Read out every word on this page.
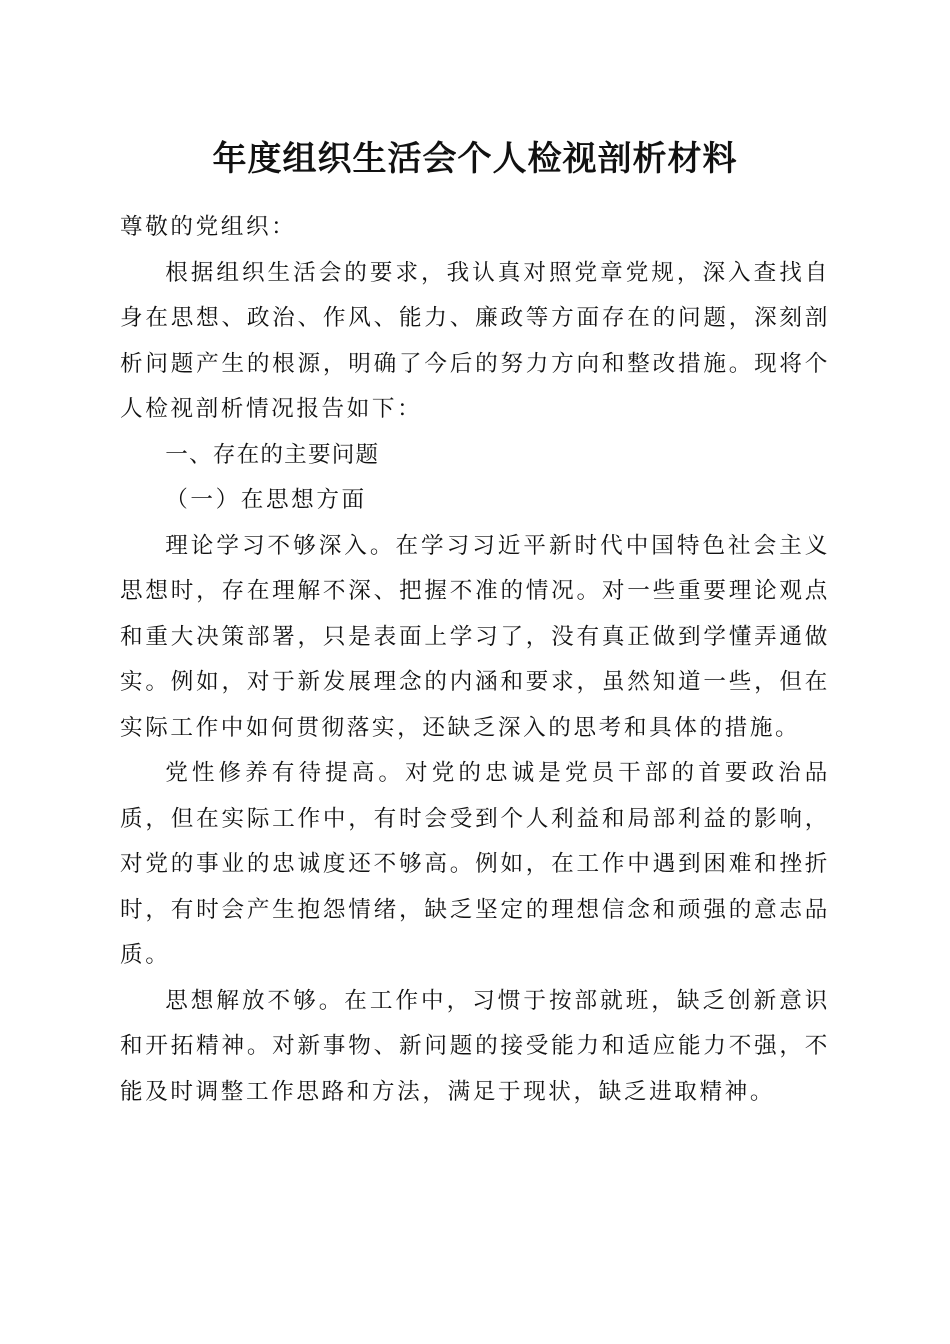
年度组织生活会个人检视剖析材料

尊敬的党组织：

根据组织生活会的要求，我认真对照党章党规，深入查找自身在思想、政治、作风、能力、廉政等方面存在的问题，深刻剖析问题产生的根源，明确了今后的努力方向和整改措施。现将个人检视剖析情况报告如下：

一、存在的主要问题

（一）在思想方面

理论学习不够深入。在学习习近平新时代中国特色社会主义思想时，存在理解不深、把握不准的情况。对一些重要理论观点和重大决策部署，只是表面上学习了，没有真正做到学懂弄通做实。例如，对于新发展理念的内涵和要求，虽然知道一些，但在实际工作中如何贯彻落实，还缺乏深入的思考和具体的措施。

党性修养有待提高。对党的忠诚是党员干部的首要政治品质，但在实际工作中，有时会受到个人利益和局部利益的影响，对党的事业的忠诚度还不够高。例如，在工作中遇到困难和挫折时，有时会产生抱怨情绪，缺乏坚定的理想信念和顽强的意志品质。

思想解放不够。在工作中，习惯于按部就班，缺乏创新意识和开拓精神。对新事物、新问题的接受能力和适应能力不强，不能及时调整工作思路和方法，满足于现状，缺乏进取精神。
